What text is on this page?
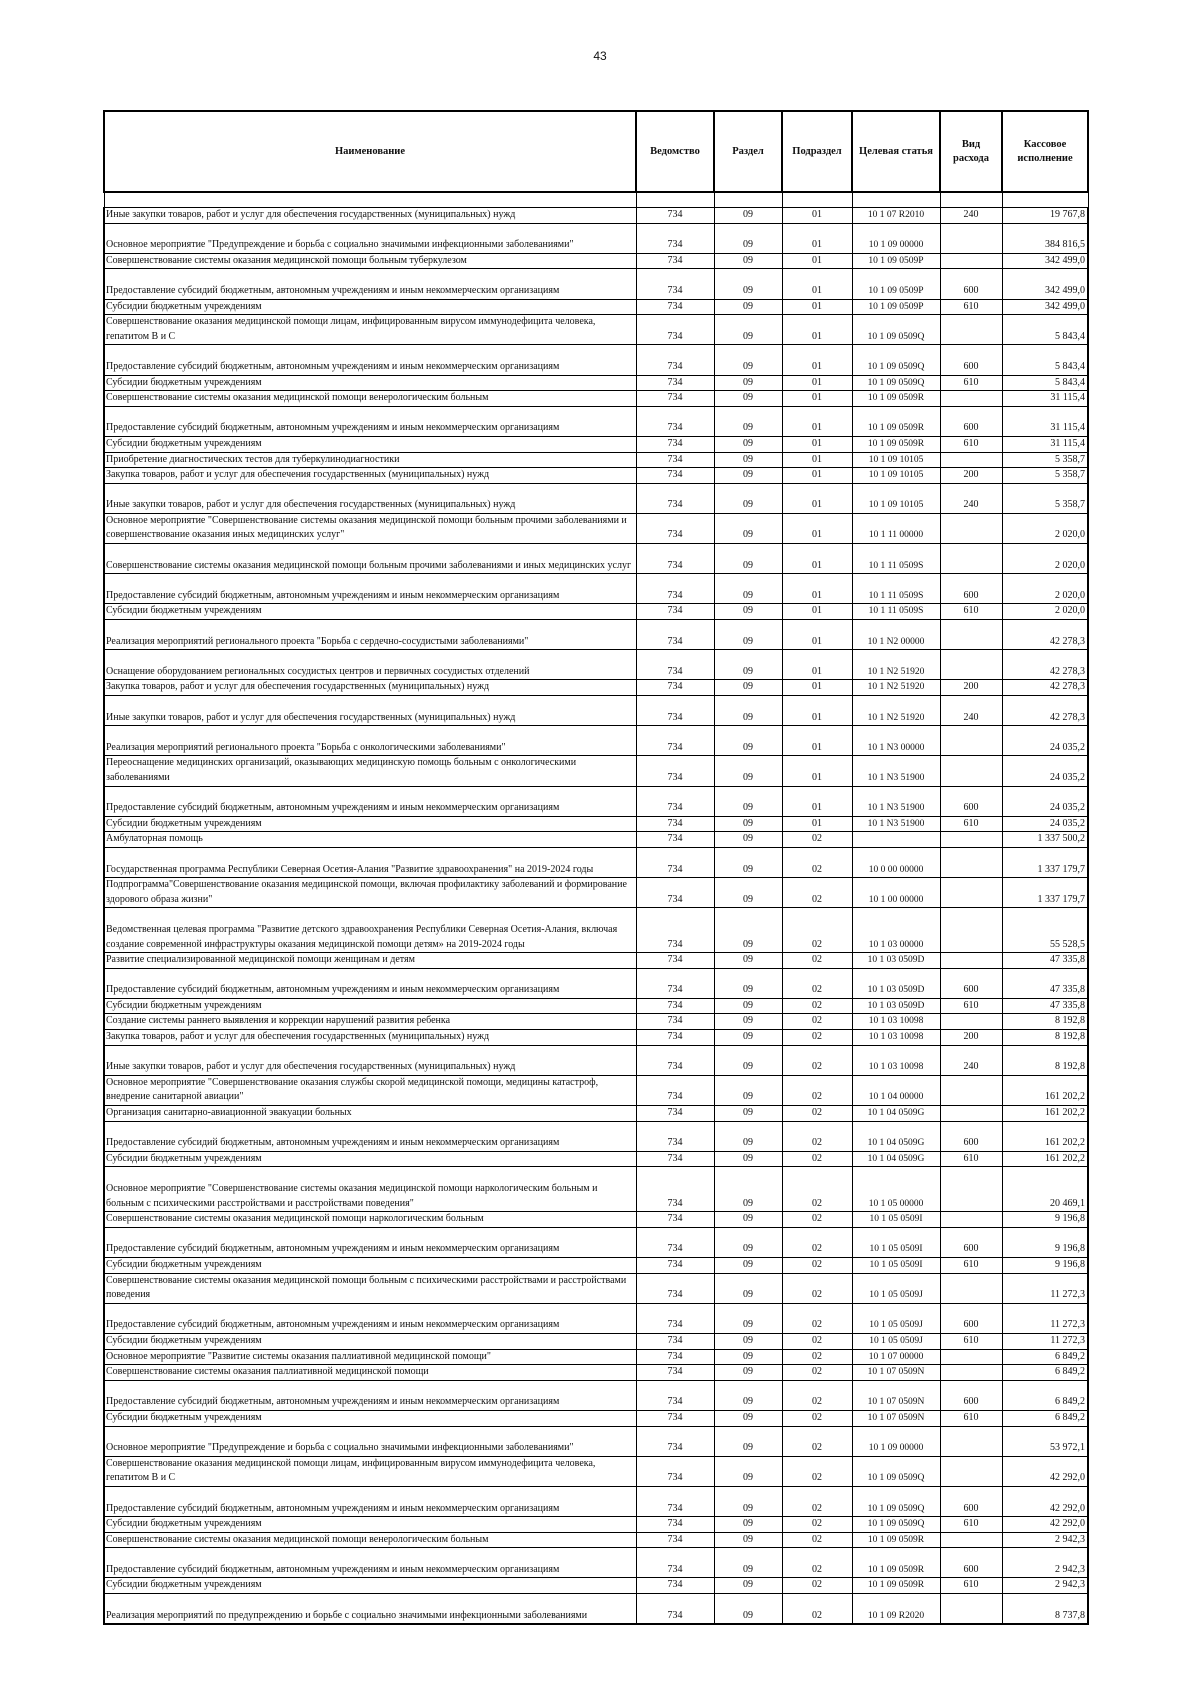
43
Наименование	Ведомство	Раздел	Подраздел	Целевая статья	Вид расхода	Кассовое исполнение

Иные закупки товаров, работ и услуг для обеспечения государственных (муниципальных) нужд	734	09	01	10 1 07 R2010	240	19 767,8
Основное мероприятие "Предупреждение и борьба с социально значимыми инфекционными заболеваниями"	734	09	01	10 1 09 00000		384 816,5
Совершенствование системы оказания медицинской помощи больным туберкулезом	734	09	01	10 1 09 0509P		342 499,0
Предоставление субсидий бюджетным, автономным учреждениям и иным некоммерческим организациям	734	09	01	10 1 09 0509P	600	342 499,0
Субсидии бюджетным учреждениям	734	09	01	10 1 09 0509P	610	342 499,0
Совершенствование оказания медицинской помощи лицам, инфицированным вирусом иммунодефицита человека, гепатитом B и C	734	09	01	10 1 09 0509Q		5 843,4
Предоставление субсидий бюджетным, автономным учреждениям и иным некоммерческим организациям	734	09	01	10 1 09 0509Q	600	5 843,4
Субсидии бюджетным учреждениям	734	09	01	10 1 09 0509Q	610	5 843,4
Совершенствование системы оказания медицинской помощи венерологическим больным	734	09	01	10 1 09 0509R		31 115,4
Предоставление субсидий бюджетным, автономным учреждениям и иным некоммерческим организациям	734	09	01	10 1 09 0509R	600	31 115,4
Субсидии бюджетным учреждениям	734	09	01	10 1 09 0509R	610	31 115,4
Приобретение диагностических тестов для туберкулинодиагностики	734	09	01	10 1 09 10105		5 358,7
Закупка товаров, работ и услуг для обеспечения государственных (муниципальных) нужд	734	09	01	10 1 09 10105	200	5 358,7
Иные закупки товаров, работ и услуг для обеспечения государственных (муниципальных) нужд	734	09	01	10 1 09 10105	240	5 358,7
Основное мероприятие "Совершенствование системы оказания медицинской помощи больным прочими заболеваниями и совершенствование оказания иных медицинских услуг"	734	09	01	10 1 11 00000		2 020,0
Совершенствование системы оказания медицинской помощи больным прочими заболеваниями и иных медицинских услуг	734	09	01	10 1 11 0509S		2 020,0
Предоставление субсидий бюджетным, автономным учреждениям и иным некоммерческим организациям	734	09	01	10 1 11 0509S	600	2 020,0
Субсидии бюджетным учреждениям	734	09	01	10 1 11 0509S	610	2 020,0
Реализация мероприятий регионального проекта "Борьба с сердечно-сосудистыми заболеваниями"	734	09	01	10 1 N2 00000		42 278,3
Оснащение оборудованием региональных сосудистых центров и первичных сосудистых отделений	734	09	01	10 1 N2 51920		42 278,3
Закупка товаров, работ и услуг для обеспечения государственных (муниципальных) нужд	734	09	01	10 1 N2 51920	200	42 278,3
Иные закупки товаров, работ и услуг для обеспечения государственных (муниципальных) нужд	734	09	01	10 1 N2 51920	240	42 278,3
Реализация мероприятий регионального проекта "Борьба с онкологическими заболеваниями"	734	09	01	10 1 N3 00000		24 035,2
Переоснащение медицинских организаций, оказывающих медицинскую помощь больным с онкологическими заболеваниями	734	09	01	10 1 N3 51900		24 035,2
Предоставление субсидий бюджетным, автономным учреждениям и иным некоммерческим организациям	734	09	01	10 1 N3 51900	600	24 035,2
Субсидии бюджетным учреждениям	734	09	01	10 1 N3 51900	610	24 035,2
Амбулаторная помощь	734	09	02			1 337 500,2
Государственная программа Республики Северная Осетия-Алания "Развитие здравоохранения" на 2019-2024 годы	734	09	02	10 0 00 00000		1 337 179,7
Подпрограмма"Совершенствование оказания медицинской помощи, включая профилактику заболеваний и формирование здорового образа жизни"	734	09	02	10 1 00 00000		1 337 179,7
Ведомственная целевая программа "Развитие детского здравоохранения Республики Северная Осетия-Алания, включая создание современной инфраструктуры оказания медицинской помощи детям» на 2019-2024 годы	734	09	02	10 1 03 00000		55 528,5
Развитие специализированной медицинской помощи женщинам и детям	734	09	02	10 1 03 0509D		47 335,8
Предоставление субсидий бюджетным, автономным учреждениям и иным некоммерческим организациям	734	09	02	10 1 03 0509D	600	47 335,8
Субсидии бюджетным учреждениям	734	09	02	10 1 03 0509D	610	47 335,8
Создание системы раннего выявления и коррекции нарушений развития ребенка	734	09	02	10 1 03 10098		8 192,8
Закупка товаров, работ и услуг для обеспечения государственных (муниципальных) нужд	734	09	02	10 1 03 10098	200	8 192,8
Иные закупки товаров, работ и услуг для обеспечения государственных (муниципальных) нужд	734	09	02	10 1 03 10098	240	8 192,8
Основное мероприятие "Совершенствование оказания службы скорой медицинской помощи, медицины катастроф, внедрение санитарной авиации"	734	09	02	10 1 04 00000		161 202,2
Организация санитарно-авиационной эвакуации больных	734	09	02	10 1 04 0509G		161 202,2
Предоставление субсидий бюджетным, автономным учреждениям и иным некоммерческим организациям	734	09	02	10 1 04 0509G	600	161 202,2
Субсидии бюджетным учреждениям	734	09	02	10 1 04 0509G	610	161 202,2
Основное мероприятие "Совершенствование системы оказания медицинской помощи наркологическим больным и больным с психическими расстройствами и расстройствами поведения"	734	09	02	10 1 05 00000		20 469,1
Совершенствование системы оказания медицинской помощи наркологическим больным	734	09	02	10 1 05 0509I		9 196,8
Предоставление субсидий бюджетным, автономным учреждениям и иным некоммерческим организациям	734	09	02	10 1 05 0509I	600	9 196,8
Субсидии бюджетным учреждениям	734	09	02	10 1 05 0509I	610	9 196,8
Совершенствование системы оказания медицинской помощи больным с психическими расстройствами и расстройствами поведения	734	09	02	10 1 05 0509J		11 272,3
Предоставление субсидий бюджетным, автономным учреждениям и иным некоммерческим организациям	734	09	02	10 1 05 0509J	600	11 272,3
Субсидии бюджетным учреждениям	734	09	02	10 1 05 0509J	610	11 272,3
Основное мероприятие "Развитие системы оказания паллиативной медицинской помощи"	734	09	02	10 1 07 00000		6 849,2
Совершенствование системы оказания паллиативной медицинской помощи	734	09	02	10 1 07 0509N		6 849,2
Предоставление субсидий бюджетным, автономным учреждениям и иным некоммерческим организациям	734	09	02	10 1 07 0509N	600	6 849,2
Субсидии бюджетным учреждениям	734	09	02	10 1 07 0509N	610	6 849,2
Основное мероприятие "Предупреждение и борьба с социально значимыми инфекционными заболеваниями"	734	09	02	10 1 09 00000		53 972,1
Совершенствование оказания медицинской помощи лицам, инфицированным вирусом иммунодефицита человека, гепатитом B и C	734	09	02	10 1 09 0509Q		42 292,0
Предоставление субсидий бюджетным, автономным учреждениям и иным некоммерческим организациям	734	09	02	10 1 09 0509Q	600	42 292,0
Субсидии бюджетным учреждениям	734	09	02	10 1 09 0509Q	610	42 292,0
Совершенствование системы оказания медицинской помощи венерологическим больным	734	09	02	10 1 09 0509R		2 942,3
Предоставление субсидий бюджетным, автономным учреждениям и иным некоммерческим организациям	734	09	02	10 1 09 0509R	600	2 942,3
Субсидии бюджетным учреждениям	734	09	02	10 1 09 0509R	610	2 942,3
Реализация мероприятий по предупреждению и борьбе с социально значимыми инфекционными заболеваниями	734	09	02	10 1 09 R2020		8 737,8
